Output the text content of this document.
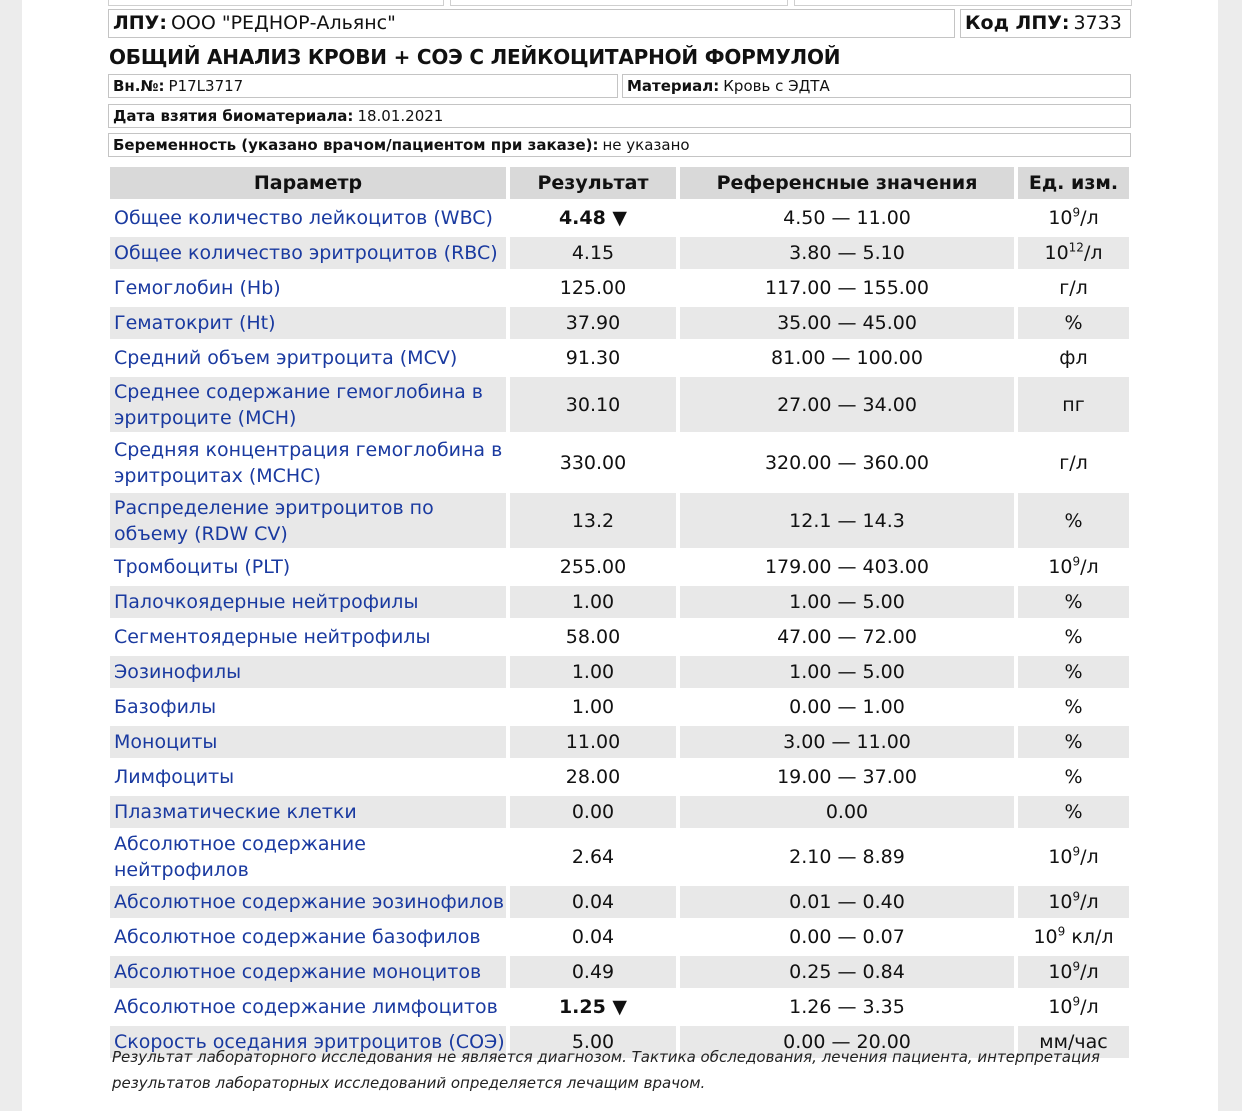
ЛПУ: ООО "РЕДНОР-Альянс"	Код ЛПУ: 3733
ОБЩИЙ АНАЛИЗ КРОВИ + СОЭ С ЛЕЙКОЦИТАРНОЙ ФОРМУЛОЙ
Вн.№: P17L3717	Материал: Кровь с ЭДТА
Дата взятия биоматериала: 18.01.2021
Беременность (указано врачом/пациентом при заказе): не указано
Параметр	Результат	Референсные значения	Ед. изм.
Общее количество лейкоцитов (WBC)	4.48 ▼	4.50 — 11.00	$10^9/л$
Общее количество эритроцитов (RBC)	4.15	3.80 — 5.10	$10^{12}/л$
Гемоглобин (Hb)	125.00	117.00 — 155.00	г/л
Гематокрит (Ht)	37.90	35.00 — 45.00	%
Средний объем эритроцита (MCV)	91.30	81.00 — 100.00	фл
Среднее содержание гемоглобина в эритроците (MCH)	30.10	27.00 — 34.00	пг
Средняя концентрация гемоглобина в эритроцитах (MCHC)	330.00	320.00 — 360.00	г/л
Распределение эритроцитов по объему (RDW CV)	13.2	12.1 — 14.3	%
Тромбоциты (PLT)	255.00	179.00 — 403.00	$10^9/л$
Палочкоядерные нейтрофилы	1.00	1.00 — 5.00	%
Сегментоядерные нейтрофилы	58.00	47.00 — 72.00	%
Эозинофилы	1.00	1.00 — 5.00	%
Базофилы	1.00	0.00 — 1.00	%
Моноциты	11.00	3.00 — 11.00	%
Лимфоциты	28.00	19.00 — 37.00	%
Плазматические клетки	0.00	0.00	%
Абсолютное содержание нейтрофилов	2.64	2.10 — 8.89	$10^9/л$
Абсолютное содержание эозинофилов	0.04	0.01 — 0.40	$10^9/л$
Абсолютное содержание базофилов	0.04	0.00 — 0.07	$10^9$ кл/л
Абсолютное содержание моноцитов	0.49	0.25 — 0.84	$10^9/л$
Абсолютное содержание лимфоцитов	1.25 ▼	1.26 — 3.35	$10^9/л$
Скорость оседания эритроцитов (СОЭ)	5.00	0.00 — 20.00	мм/час
Результат лабораторного исследования не является диагнозом. Тактика обследования, лечения пациента, интерпретация результатов лабораторных исследований определяется лечащим врачом.
